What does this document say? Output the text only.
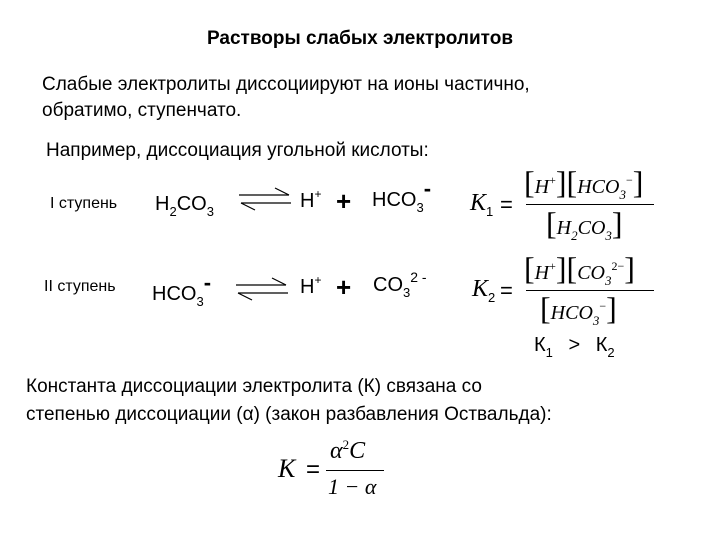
Растворы слабых электролитов
Слабые электролиты диссоциируют на ионы частично,
обратимо, ступенчато.
Например, диссоциация угольной кислоты:
I ступень $H_2CO_3$ ⇌ $H^+ + HCO_3-$
II ступень $HCO_3-$ ⇌ $H^+ + CO_3^{2 -}$
$K_1$ =
$[H^+][HCO_3^-]$
$[H_2CO_3]$
$K_2$ =
$[H^+][CO_3^{2-}]$
$[HCO_3^-]$
$К_1 > К_2$
Константа диссоциации электролита (К) связана со
степенью диссоциации (α) (закон разбавления Оствальда):
K =
$\alpha^2C$
1 − α
